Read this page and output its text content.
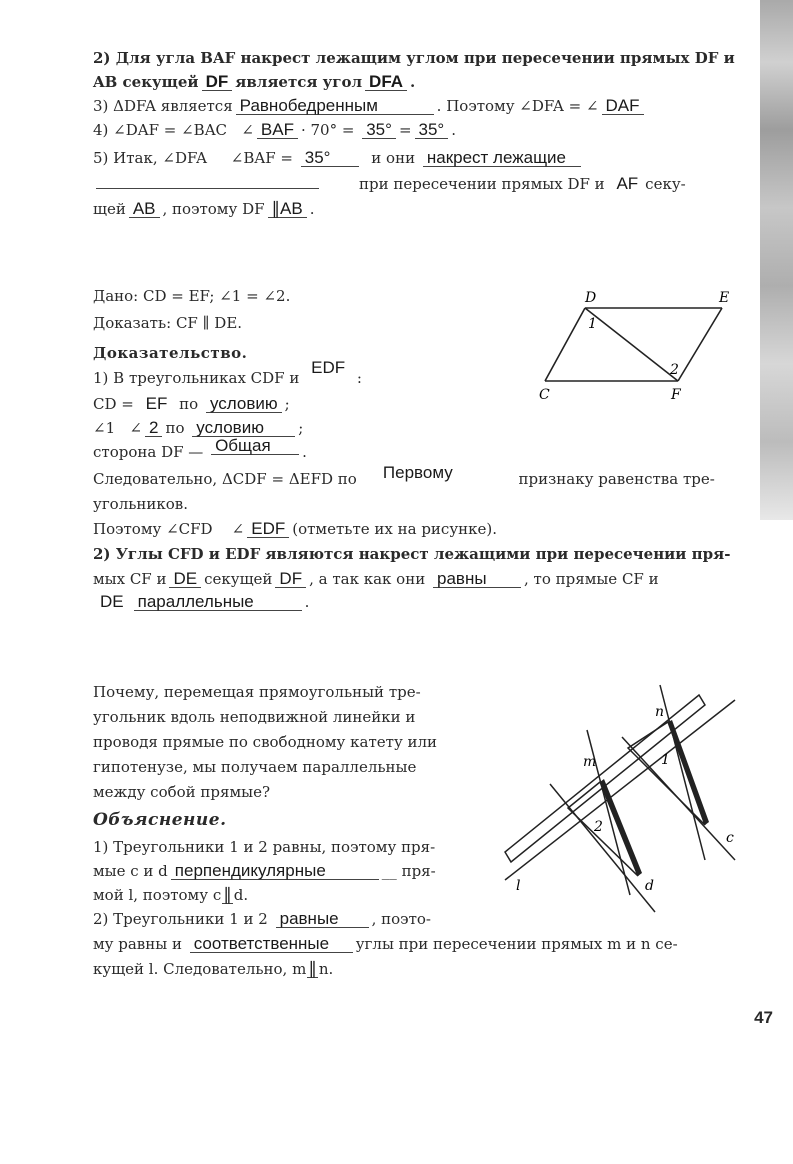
2) Для угла BAF накрест лежащим углом при пересечении прямых DF и
AB секущей DF является угол DFA .
3) ΔDFA является Равнобедренным	. Поэтому ∠DFA = ∠ DAF
4) ∠DAF = ∠BAC ∠ BAF · 70° = 35° = 35° .
5) Итак, ∠DFA ∠BAF = 35°	и они накрест лежащие
при пересечении прямых DF и AF секу-
щей AB , поэтому DF ∥AB .
Дано: CD = EF; ∠1 = ∠2.
Доказать: CF ∥ DE.
Доказательство.
1) В треугольниках CDF и EDF :
CD = EF по условию ;
∠1 ∠ 2 по условию ;
сторона DF — Общая .
Следовательно, ΔCDF = ΔEFD по Первому	признаку равенства тре-
угольников.
Поэтому ∠CFD ∠ EDF (отметьте их на рисунке).
2) Углы CFD и EDF являются накрест лежащими при пересечении пря-
мых CF и DE секущей DF , а так как они равны , то прямые CF и
DE параллельные	.
D	E
C	F
1
2
Почему, перемещая прямоугольный тре-
угольник вдоль неподвижной линейки и
проводя прямые по свободному катету или
гипотенузе, мы получаем параллельные
между собой прямые?
Объяснение.
1) Треугольники 1 и 2 равны, поэтому пря-
мые c и d перпендикулярные	__ пря-
мой l, поэтому c ∥ d.
2) Треугольники 1 и 2 равные , поэто-
му равны и соответственные углы при пересечении прямых m и n се-
кущей l. Следовательно, m ∥ n.
n
m	1
2
c
d
l
47
